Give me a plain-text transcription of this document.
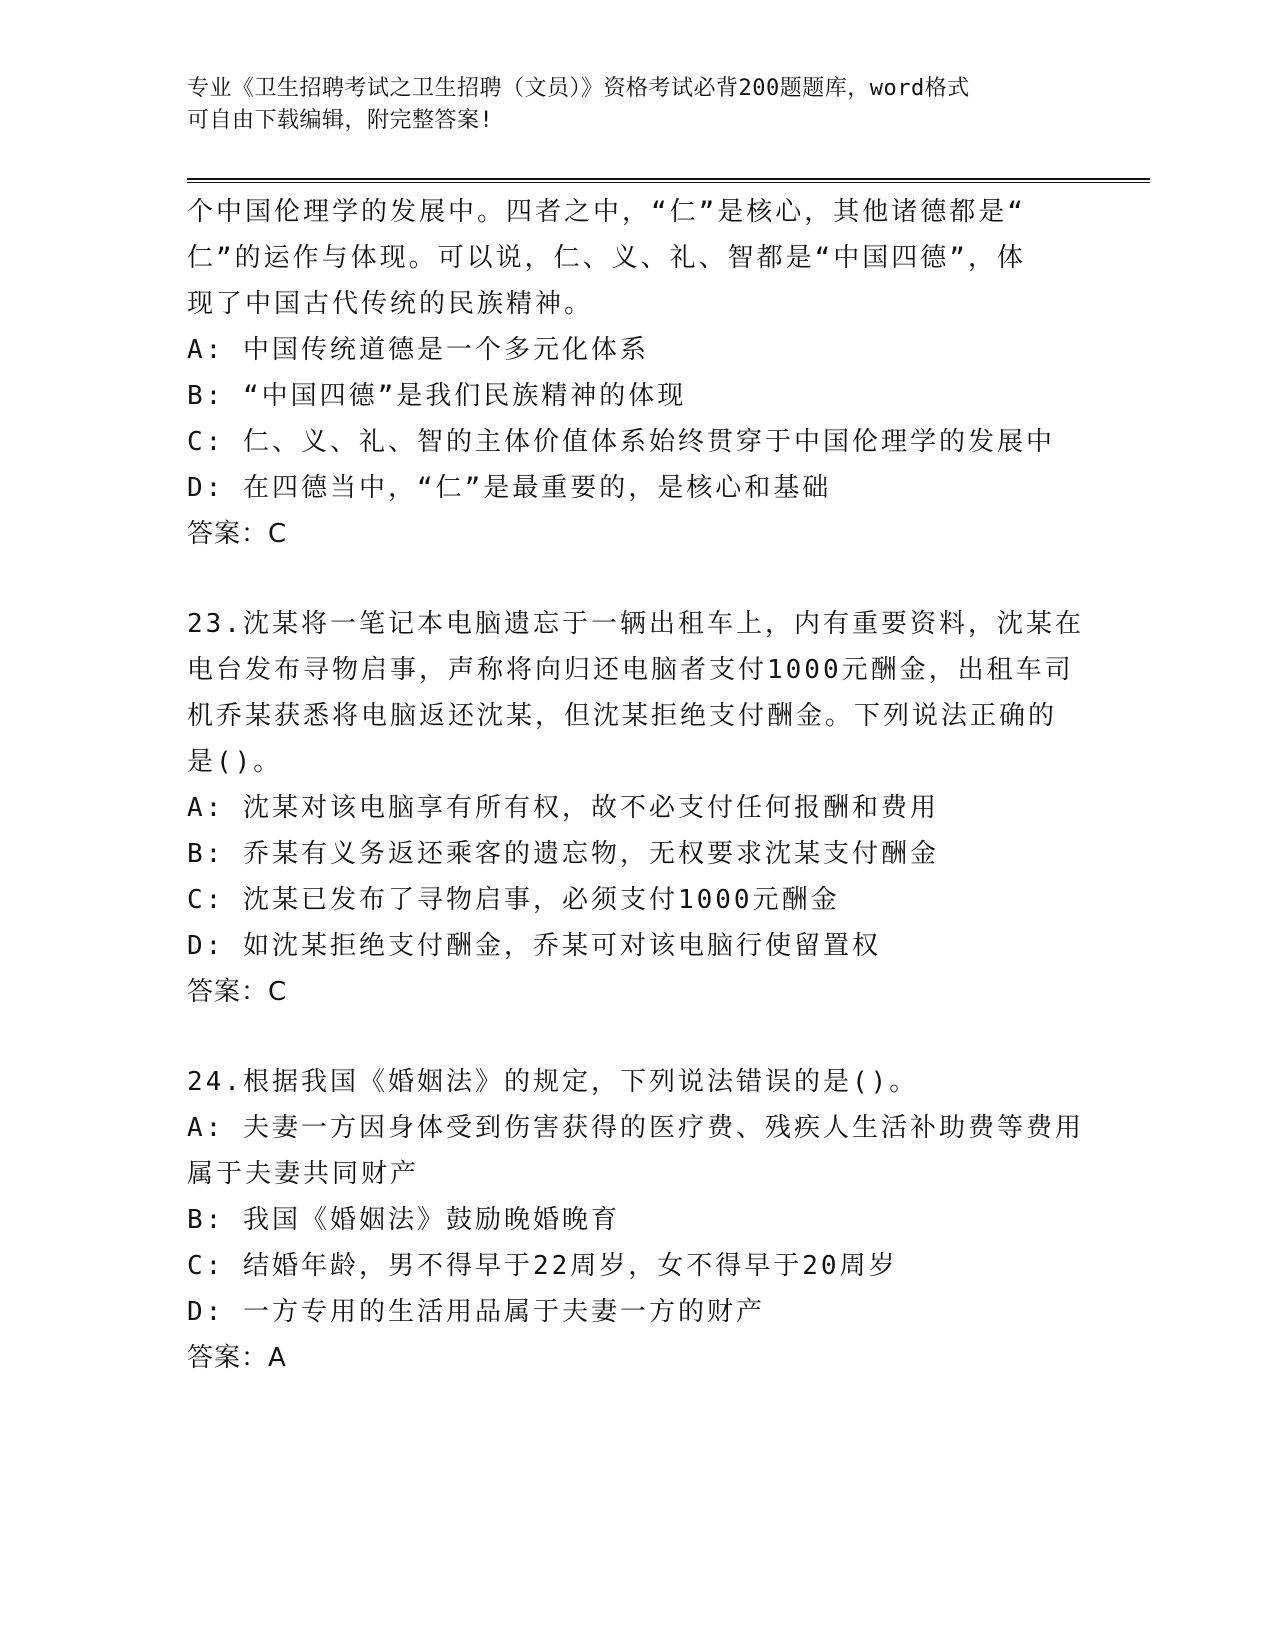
专业《卫生招聘考试之卫生招聘（文员）》资格考试必背200题题库，word格式
可自由下载编辑，附完整答案!
个中国伦理学的发展中。四者之中，“仁”是核心，其他诸德都是“
仁”的运作与体现。可以说，仁、义、礼、智都是“中国四德”，体
现了中国古代传统的民族精神。
A: 中国传统道德是一个多元化体系
B: “中国四德”是我们民族精神的体现
C: 仁、义、礼、智的主体价值体系始终贯穿于中国伦理学的发展中
D: 在四德当中，“仁”是最重要的，是核心和基础
答案：C
23.沈某将一笔记本电脑遗忘于一辆出租车上，内有重要资料，沈某在
电台发布寻物启事，声称将向归还电脑者支付1000元酬金，出租车司
机乔某获悉将电脑返还沈某，但沈某拒绝支付酬金。下列说法正确的
是()。
A: 沈某对该电脑享有所有权，故不必支付任何报酬和费用
B: 乔某有义务返还乘客的遗忘物，无权要求沈某支付酬金
C: 沈某已发布了寻物启事，必须支付1000元酬金
D: 如沈某拒绝支付酬金，乔某可对该电脑行使留置权
答案：C
24.根据我国《婚姻法》的规定，下列说法错误的是()。
A: 夫妻一方因身体受到伤害获得的医疗费、残疾人生活补助费等费用
属于夫妻共同财产
B: 我国《婚姻法》鼓励晚婚晚育
C: 结婚年龄，男不得早于22周岁，女不得早于20周岁
D: 一方专用的生活用品属于夫妻一方的财产
答案：A
